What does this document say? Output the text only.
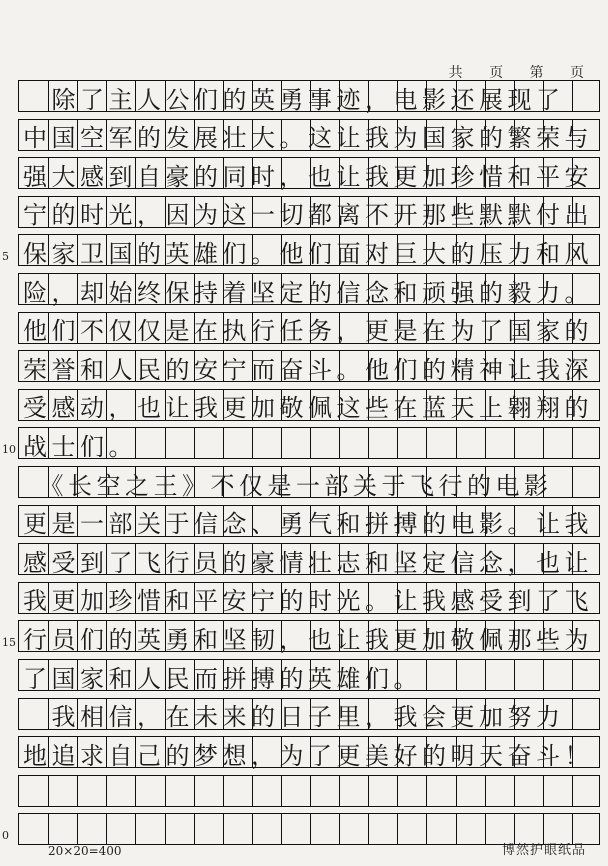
共 页 第 页
　除了主人公们的英勇事迹，电影还展现了
中国空军的发展壮大。这让我为国家的繁荣与
强大感到自豪的同时，也让我更加珍惜和平安
宁的时光，因为这一切都离不开那些默默付出
保家卫国的英雄们。他们面对巨大的压力和风
险，却始终保持着坚定的信念和顽强的毅力。
他们不仅仅是在执行任务，更是在为了国家的
荣誉和人民的安宁而奋斗。他们的精神让我深
受感动，也让我更加敬佩这些在蓝天上翱翔的
战士们。
　《长空之王》不仅是一部关于飞行的电影
更是一部关于信念、勇气和拼搏的电影。让我
感受到了飞行员的豪情壮志和坚定信念，也让
我更加珍惜和平安宁的时光。让我感受到了飞
行员们的英勇和坚韧，也让我更加敬佩那些为
了国家和人民而拼搏的英雄们。
　我相信，在未来的日子里，我会更加努力
地追求自己的梦想，为了更美好的明天奋斗！
5
10
15
0
20×20=400	博然护眼纸品
